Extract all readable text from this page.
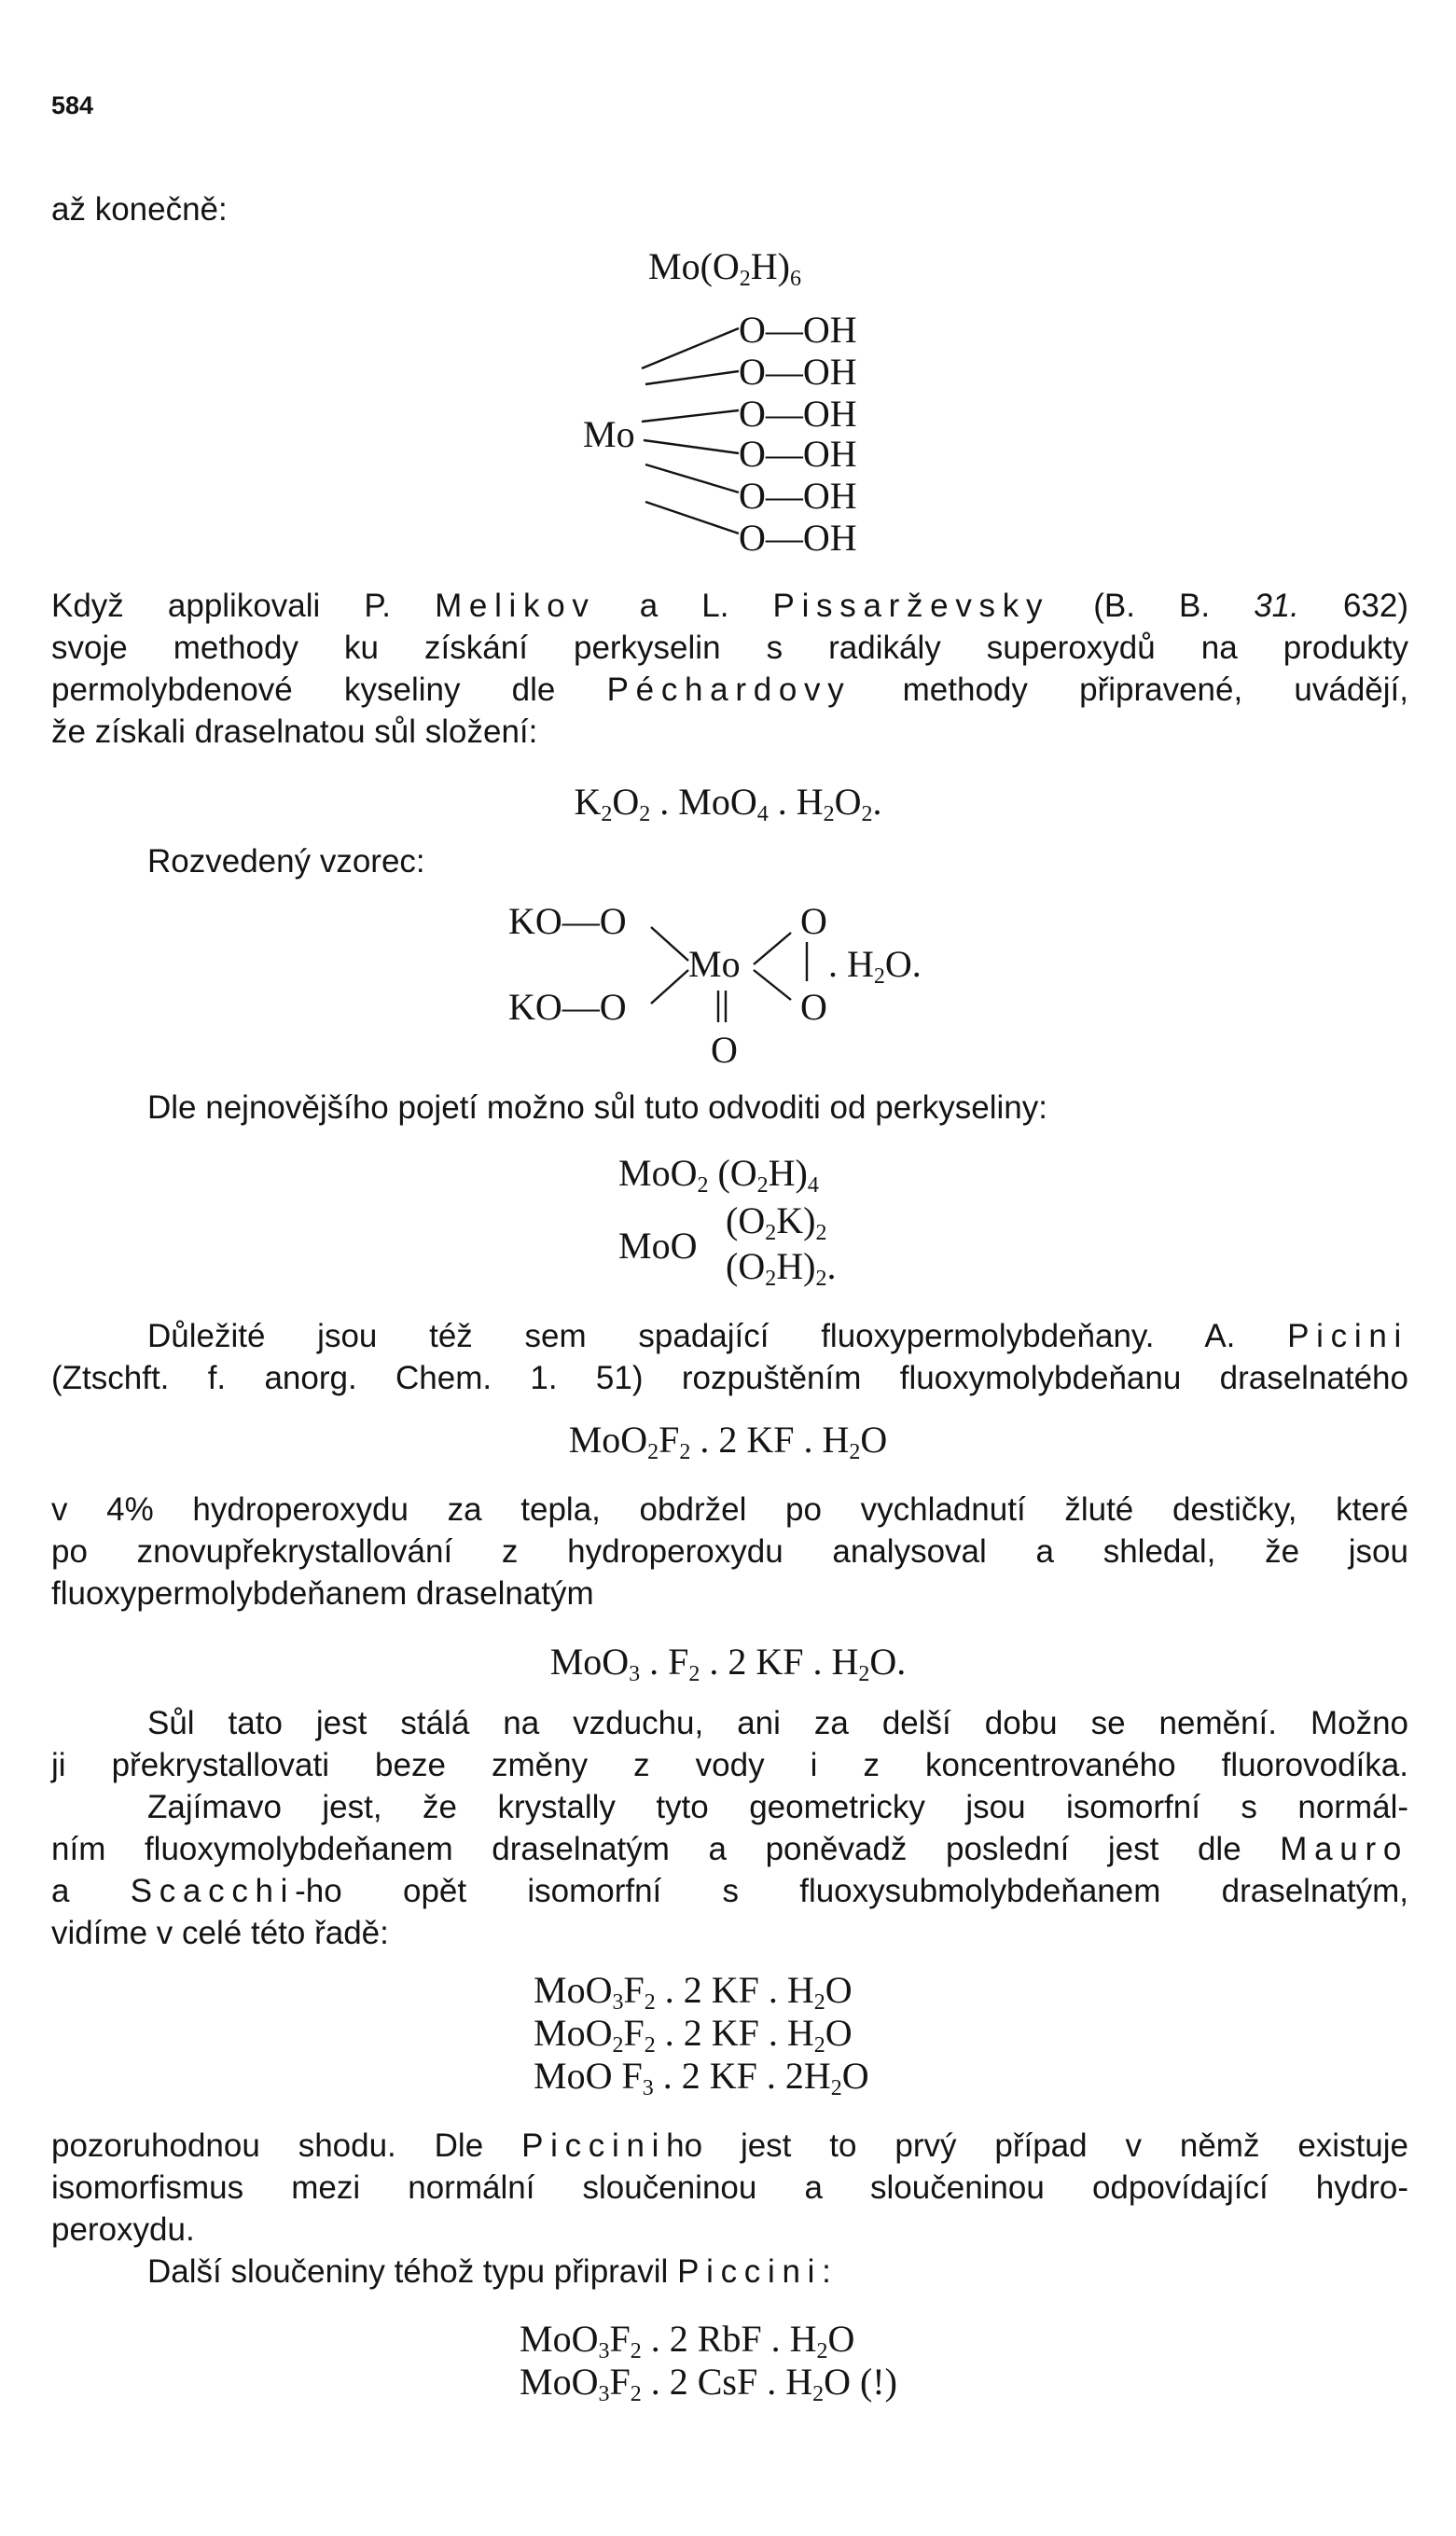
584
až konečně:
$Mo(O_2H)_6$
Mo
O—OH
O—OH
O—OH
O—OH
O—OH
O—OH
Když applikovali P. Melikov a L. Pissarževsky (B. B. 31. 632)
svoje methody ku získání perkyselin s radikály superoxydů na produkty
permolybdenové kyseliny dle Péchardovy methody připravené, uvádějí,
že získali draselnatou sůl složení:
$K_2O_2$ . MoO$_4$ . $H_2O_2$.
Rozvedený vzorec:
KO—O
KO—O
Mo
O
O
O
. $H_2O$.
Dle nejnovějšího pojetí možno sůl tuto odvoditi od perkyseliny:
MoO$_2$ $(O_2H)_4$
MoO
$(O_2K)_2$
$(O_2H)_2$.
Důležité jsou též sem spadající fluoxypermolybdeňany. A. Picini
(Ztschft. f. anorg. Chem. 1. 51) rozpuštěním fluoxymolybdeňanu draselnatého
$MoO_2F_2$ . 2 KF . $H_2O$
v 4% hydroperoxydu za tepla, obdržel po vychladnutí žluté destičky, které
po znovupřekrystallování z hydroperoxydu analysoval a shledal, že jsou
fluoxypermolybdeňanem draselnatým
MoO$_3$ . $F_2$ . 2 KF . $H_2O$.
Sůl tato jest stálá na vzduchu, ani za delší dobu se nemění. Možno
ji překrystallovati beze změny z vody i z koncentrovaného fluorovodíka.
Zajímavo jest, že krystally tyto geometricky jsou isomorfní s normál-
ním fluoxymolybdeňanem draselnatým a poněvadž poslední jest dle Mauro
a Scacchi-ho opět isomorfní s fluoxysubmolybdeňanem draselnatým,
vidíme v celé této řadě:
$MoO_3F_2$ . 2 KF . $H_2O$
$MoO_2F_2$ . 2 KF . $H_2O$
MoO $F_3$ . 2 KF . $2H_2O$
pozoruhodnou shodu. Dle Picciniho jest to prvý případ v němž existuje
isomorfismus mezi normální sloučeninou a sloučeninou odpovídající hydro-
peroxydu.
Další sloučeniny téhož typu připravil Piccini:
$MoO_3F_2$ . 2 RbF . $H_2O$
$MoO_3F_2$ . 2 CsF . $H_2O$ (!)
